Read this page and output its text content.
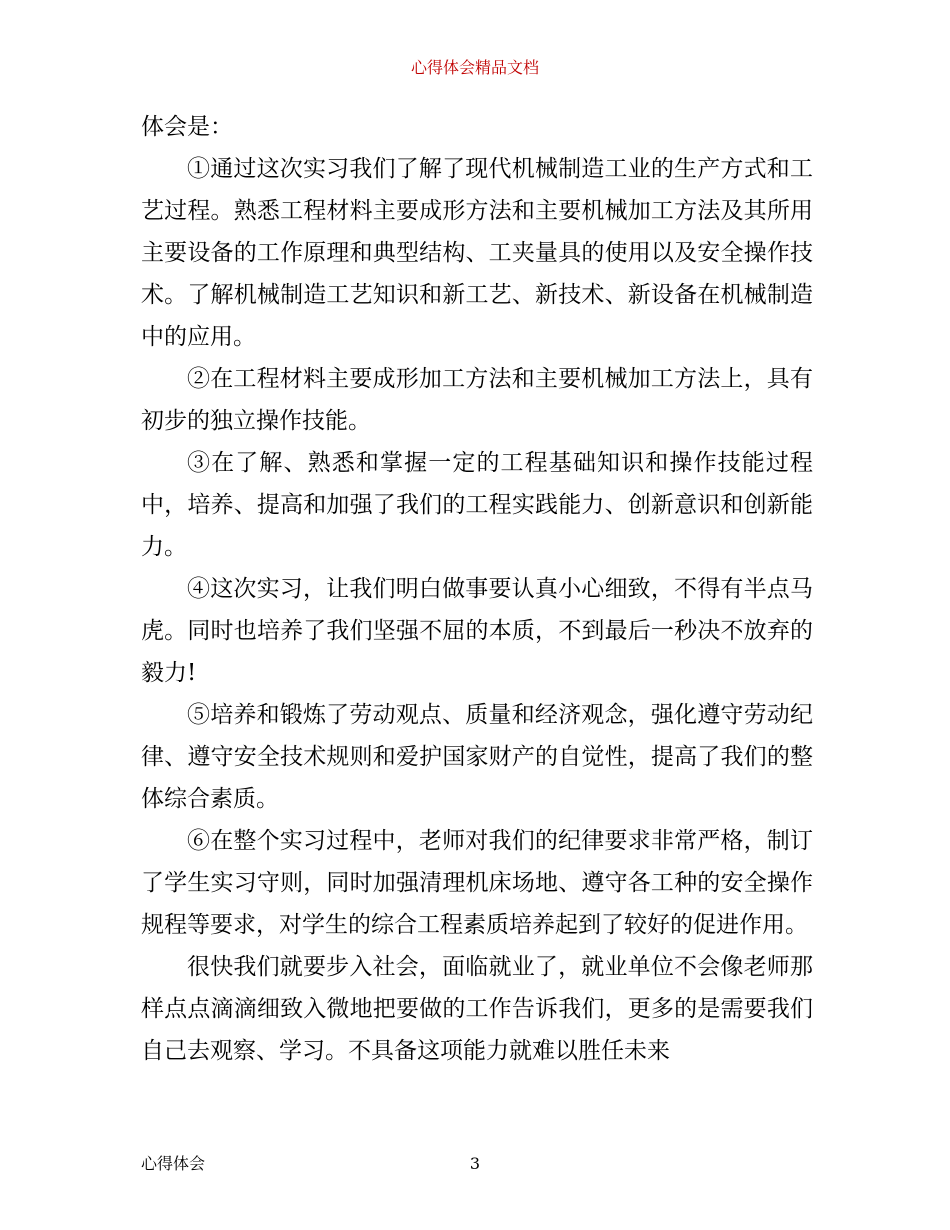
心得体会精品文档

体会是：

①通过这次实习我们了解了现代机械制造工业的生产方式和工艺过程。熟悉工程材料主要成形方法和主要机械加工方法及其所用主要设备的工作原理和典型结构、工夹量具的使用以及安全操作技术。了解机械制造工艺知识和新工艺、新技术、新设备在机械制造中的应用。

②在工程材料主要成形加工方法和主要机械加工方法上，具有初步的独立操作技能。

③在了解、熟悉和掌握一定的工程基础知识和操作技能过程中，培养、提高和加强了我们的工程实践能力、创新意识和创新能力。

④这次实习，让我们明白做事要认真小心细致，不得有半点马虎。同时也培养了我们坚强不屈的本质，不到最后一秒决不放弃的毅力!

⑤培养和锻炼了劳动观点、质量和经济观念，强化遵守劳动纪律、遵守安全技术规则和爱护国家财产的自觉性，提高了我们的整体综合素质。

⑥在整个实习过程中，老师对我们的纪律要求非常严格，制订了学生实习守则，同时加强清理机床场地、遵守各工种的安全操作规程等要求，对学生的综合工程素质培养起到了较好的促进作用。

很快我们就要步入社会，面临就业了，就业单位不会像老师那样点点滴滴细致入微地把要做的工作告诉我们，更多的是需要我们自己去观察、学习。不具备这项能力就难以胜任未来

心得体会	3
